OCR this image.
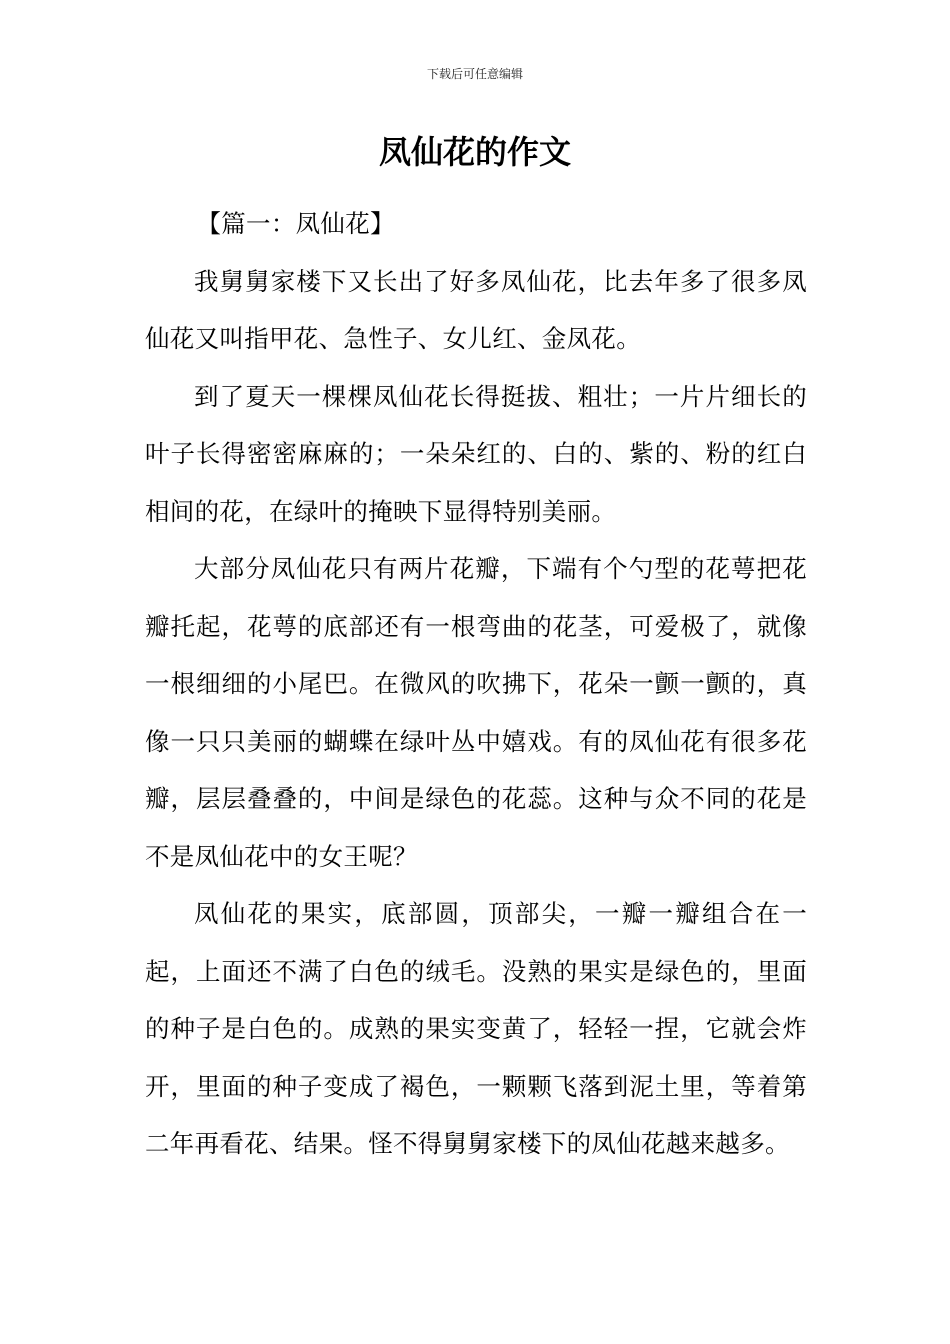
下载后可任意编辑
凤仙花的作文

【篇一：凤仙花】

我舅舅家楼下又长出了好多凤仙花，比去年多了很多凤仙花又叫指甲花、急性子、女儿红、金凤花。

到了夏天一棵棵凤仙花长得挺拔、粗壮；一片片细长的叶子长得密密麻麻的；一朵朵红的、白的、紫的、粉的红白相间的花，在绿叶的掩映下显得特别美丽。

大部分凤仙花只有两片花瓣，下端有个勺型的花萼把花瓣托起，花萼的底部还有一根弯曲的花茎，可爱极了，就像一根细细的小尾巴。在微风的吹拂下，花朵一颤一颤的，真像一只只美丽的蝴蝶在绿叶丛中嬉戏。有的凤仙花有很多花瓣，层层叠叠的，中间是绿色的花蕊。这种与众不同的花是不是凤仙花中的女王呢？

凤仙花的果实，底部圆，顶部尖，一瓣一瓣组合在一起，上面还不满了白色的绒毛。没熟的果实是绿色的，里面的种子是白色的。成熟的果实变黄了，轻轻一捏，它就会炸开，里面的种子变成了褐色，一颗颗飞落到泥土里，等着第二年再看花、结果。怪不得舅舅家楼下的凤仙花越来越多。
